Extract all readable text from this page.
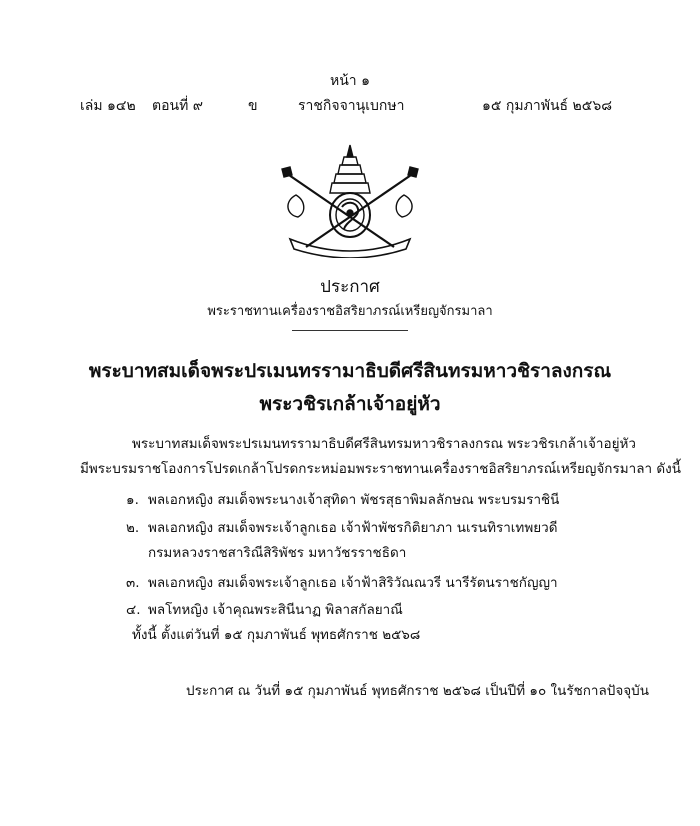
หน้า ๑
เล่ม ๑๔๒ ตอนที่ ๙	ข	ราชกิจจานุเบกษา	๑๕ กุมภาพันธ์ ๒๕๖๘
ประกาศ
พระราชทานเครื่องราชอิสริยาภรณ์เหรียญจักรมาลา
พระบาทสมเด็จพระปรเมนทรรามาธิบดีศรีสินทรมหาวชิราลงกรณ
พระวชิรเกล้าเจ้าอยู่หัว
พระบาทสมเด็จพระปรเมนทรรามาธิบดีศรีสินทรมหาวชิราลงกรณ พระวชิรเกล้าเจ้าอยู่หัว
มีพระบรมราชโองการโปรดเกล้าโปรดกระหม่อมพระราชทานเครื่องราชอิสริยาภรณ์เหรียญจักรมาลา ดังนี้
๑. พลเอกหญิง สมเด็จพระนางเจ้าสุทิดา พัชรสุธาพิมลลักษณ พระบรมราชินี
๒. พลเอกหญิง สมเด็จพระเจ้าลูกเธอ เจ้าฟ้าพัชรกิติยาภา นเรนทิราเทพยวดี
กรมหลวงราชสาริณีสิริพัชร มหาวัชรราชธิดา
๓. พลเอกหญิง สมเด็จพระเจ้าลูกเธอ เจ้าฟ้าสิริวัณณวรี นารีรัตนราชกัญญา
๔. พลโทหญิง เจ้าคุณพระสินีนาฏ พิลาสกัลยาณี
ทั้งนี้ ตั้งแต่วันที่ ๑๕ กุมภาพันธ์ พุทธศักราช ๒๕๖๘
ประกาศ ณ วันที่ ๑๕ กุมภาพันธ์ พุทธศักราช ๒๕๖๘ เป็นปีที่ ๑๐ ในรัชกาลปัจจุบัน
